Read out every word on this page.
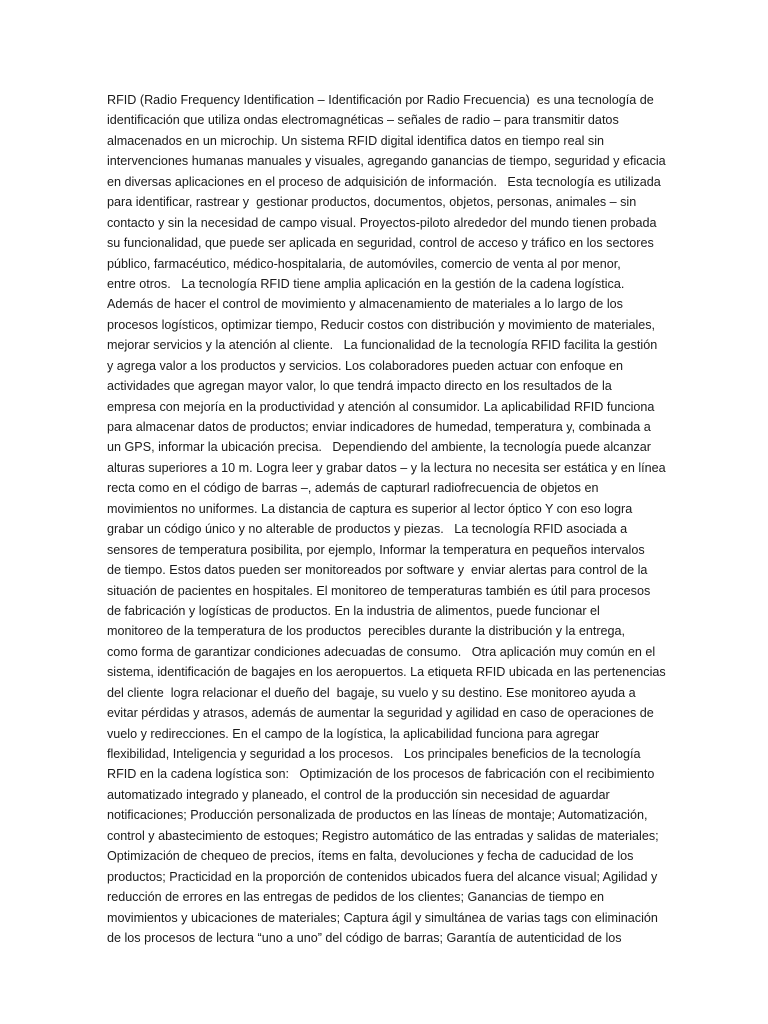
RFID (Radio Frequency Identification – Identificación por Radio Frecuencia)  es una tecnología de
identificación que utiliza ondas electromagnéticas – señales de radio – para transmitir datos
almacenados en un microchip. Un sistema RFID digital identifica datos en tiempo real sin
intervenciones humanas manuales y visuales, agregando ganancias de tiempo, seguridad y eficacia
en diversas aplicaciones en el proceso de adquisición de información.   Esta tecnología es utilizada
para identificar, rastrear y  gestionar productos, documentos, objetos, personas, animales – sin
contacto y sin la necesidad de campo visual. Proyectos-piloto alrededor del mundo tienen probada
su funcionalidad, que puede ser aplicada en seguridad, control de acceso y tráfico en los sectores
público, farmacéutico, médico-hospitalaria, de automóviles, comercio de venta al por menor,
entre otros.   La tecnología RFID tiene amplia aplicación en la gestión de la cadena logística.
Además de hacer el control de movimiento y almacenamiento de materiales a lo largo de los
procesos logísticos, optimizar tiempo, Reducir costos con distribución y movimiento de materiales,
mejorar servicios y la atención al cliente.   La funcionalidad de la tecnología RFID facilita la gestión
y agrega valor a los productos y servicios. Los colaboradores pueden actuar con enfoque en
actividades que agregan mayor valor, lo que tendrá impacto directo en los resultados de la
empresa con mejoría en la productividad y atención al consumidor. La aplicabilidad RFID funciona
para almacenar datos de productos; enviar indicadores de humedad, temperatura y, combinada a
un GPS, informar la ubicación precisa.   Dependiendo del ambiente, la tecnología puede alcanzar
alturas superiores a 10 m. Logra leer y grabar datos – y la lectura no necesita ser estática y en línea
recta como en el código de barras –, además de capturarl radiofrecuencia de objetos en
movimientos no uniformes. La distancia de captura es superior al lector óptico Y con eso logra
grabar un código único y no alterable de productos y piezas.   La tecnología RFID asociada a
sensores de temperatura posibilita, por ejemplo, Informar la temperatura en pequeños intervalos
de tiempo. Estos datos pueden ser monitoreados por software y  enviar alertas para control de la
situación de pacientes en hospitales. El monitoreo de temperaturas también es útil para procesos
de fabricación y logísticas de productos. En la industria de alimentos, puede funcionar el
monitoreo de la temperatura de los productos  perecibles durante la distribución y la entrega,
como forma de garantizar condiciones adecuadas de consumo.   Otra aplicación muy común en el
sistema, identificación de bagajes en los aeropuertos. La etiqueta RFID ubicada en las pertenencias
del cliente  logra relacionar el dueño del  bagaje, su vuelo y su destino. Ese monitoreo ayuda a
evitar pérdidas y atrasos, además de aumentar la seguridad y agilidad en caso de operaciones de
vuelo y redirecciones. En el campo de la logística, la aplicabilidad funciona para agregar
flexibilidad, Inteligencia y seguridad a los procesos.   Los principales beneficios de la tecnología
RFID en la cadena logística son:   Optimización de los procesos de fabricación con el recibimiento
automatizado integrado y planeado, el control de la producción sin necesidad de aguardar
notificaciones; Producción personalizada de productos en las líneas de montaje; Automatización,
control y abastecimiento de estoques; Registro automático de las entradas y salidas de materiales;
Optimización de chequeo de precios, ítems en falta, devoluciones y fecha de caducidad de los
productos; Practicidad en la proporción de contenidos ubicados fuera del alcance visual; Agilidad y
reducción de errores en las entregas de pedidos de los clientes; Ganancias de tiempo en
movimientos y ubicaciones de materiales; Captura ágil y simultánea de varias tags con eliminación
de los procesos de lectura “uno a uno” del código de barras; Garantía de autenticidad de los
